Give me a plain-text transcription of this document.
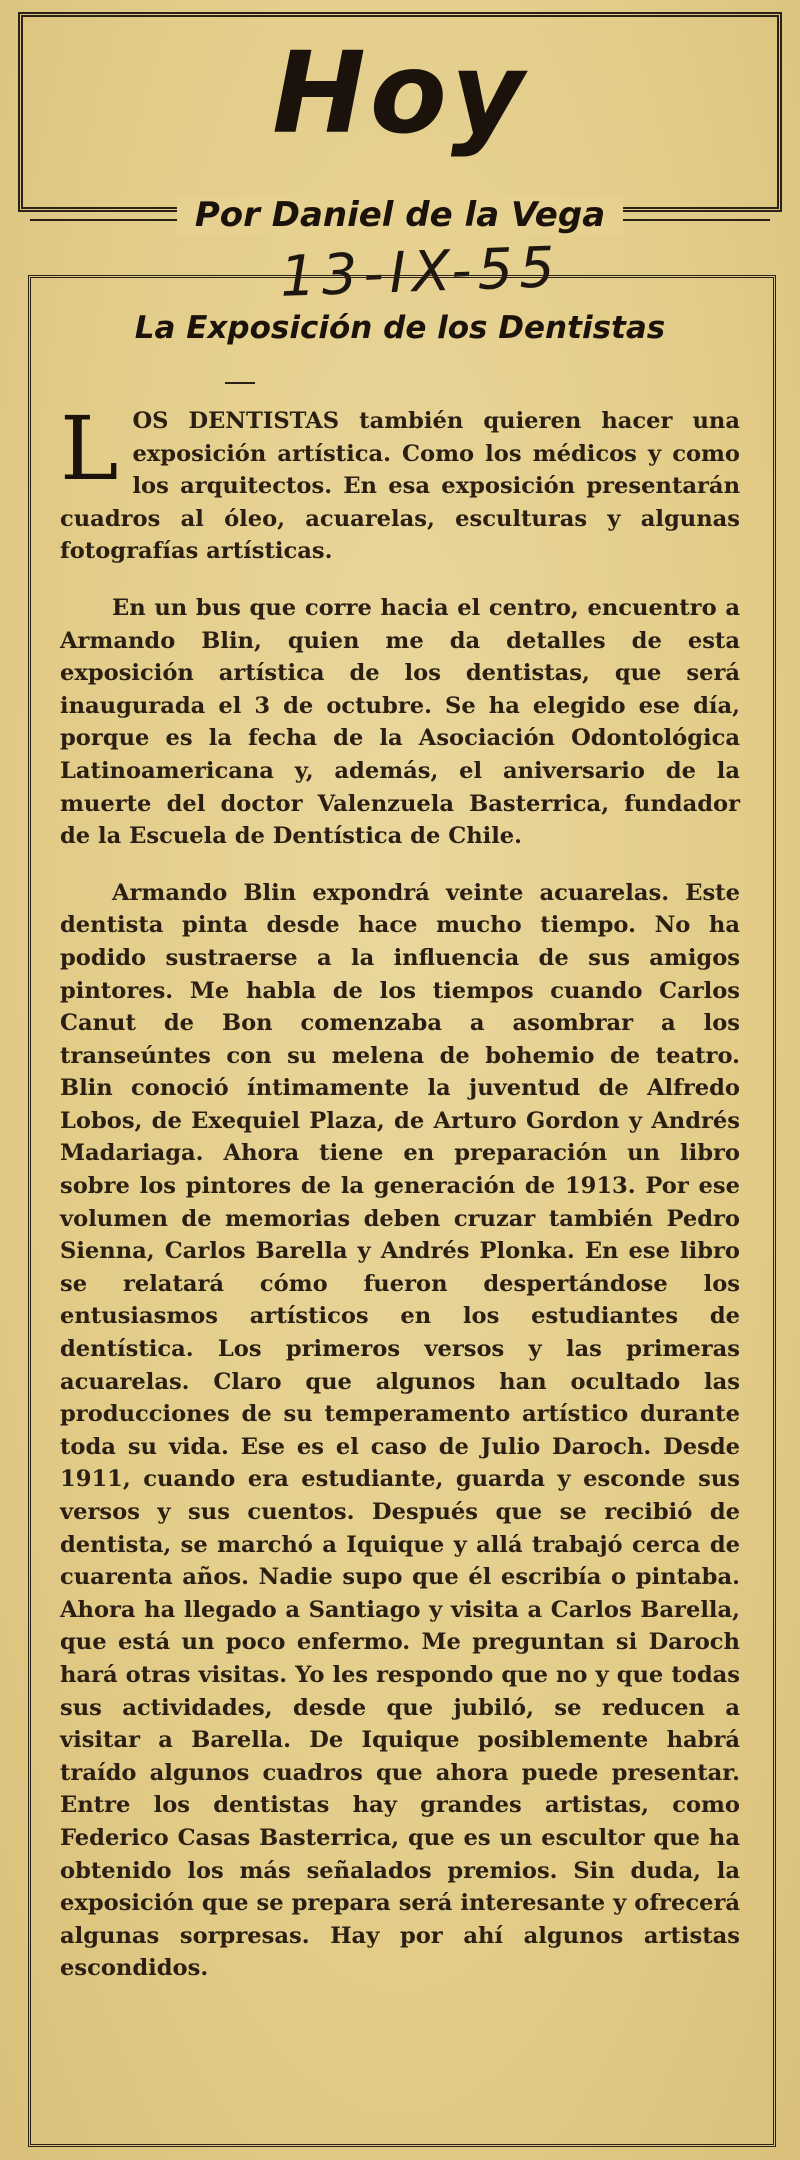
Hoy
Por Daniel de la Vega
13-IX-55
La Exposición de los Dentistas

LOS DENTISTAS también quieren hacer una exposición artística. Como los médicos y como los arquitectos. En esa exposición presentarán cuadros al óleo, acuarelas, esculturas y algunas fotografías artísticas.

En un bus que corre hacia el centro, encuentro a Armando Blin, quien me da detalles de esta exposición artística de los dentistas, que será inaugurada el 3 de octubre. Se ha elegido ese día, porque es la fecha de la Asociación Odontológica Latinoamericana y, además, el aniversario de la muerte del doctor Valenzuela Basterrica, fundador de la Escuela de Dentística de Chile.

Armando Blin expondrá veinte acuarelas. Este dentista pinta desde hace mucho tiempo. No ha podido sustraerse a la influencia de sus amigos pintores. Me habla de los tiempos cuando Carlos Canut de Bon comenzaba a asombrar a los transeúntes con su melena de bohemio de teatro. Blin conoció íntimamente la juventud de Alfredo Lobos, de Exequiel Plaza, de Arturo Gordon y Andrés Madariaga. Ahora tiene en preparación un libro sobre los pintores de la generación de 1913. Por ese volumen de memorias deben cruzar también Pedro Sienna, Carlos Barella y Andrés Plonka. En ese libro se relatará cómo fueron despertándose los entusiasmos artísticos en los estudiantes de dentística. Los primeros versos y las primeras acuarelas. Claro que algunos han ocultado las producciones de su temperamento artístico durante toda su vida. Ese es el caso de Julio Daroch. Desde 1911, cuando era estudiante, guarda y esconde sus versos y sus cuentos. Después que se recibió de dentista, se marchó a Iquique y allá trabajó cerca de cuarenta años. Nadie supo que él escribía o pintaba. Ahora ha llegado a Santiago y visita a Carlos Barella, que está un poco enfermo. Me preguntan si Daroch hará otras visitas. Yo les respondo que no y que todas sus actividades, desde que jubiló, se reducen a visitar a Barella. De Iquique posiblemente habrá traído algunos cuadros que ahora puede presentar. Entre los dentistas hay grandes artistas, como Federico Casas Basterrica, que es un escultor que ha obtenido los más señalados premios. Sin duda, la exposición que se prepara será interesante y ofrecerá algunas sorpresas. Hay por ahí algunos artistas escondidos.
